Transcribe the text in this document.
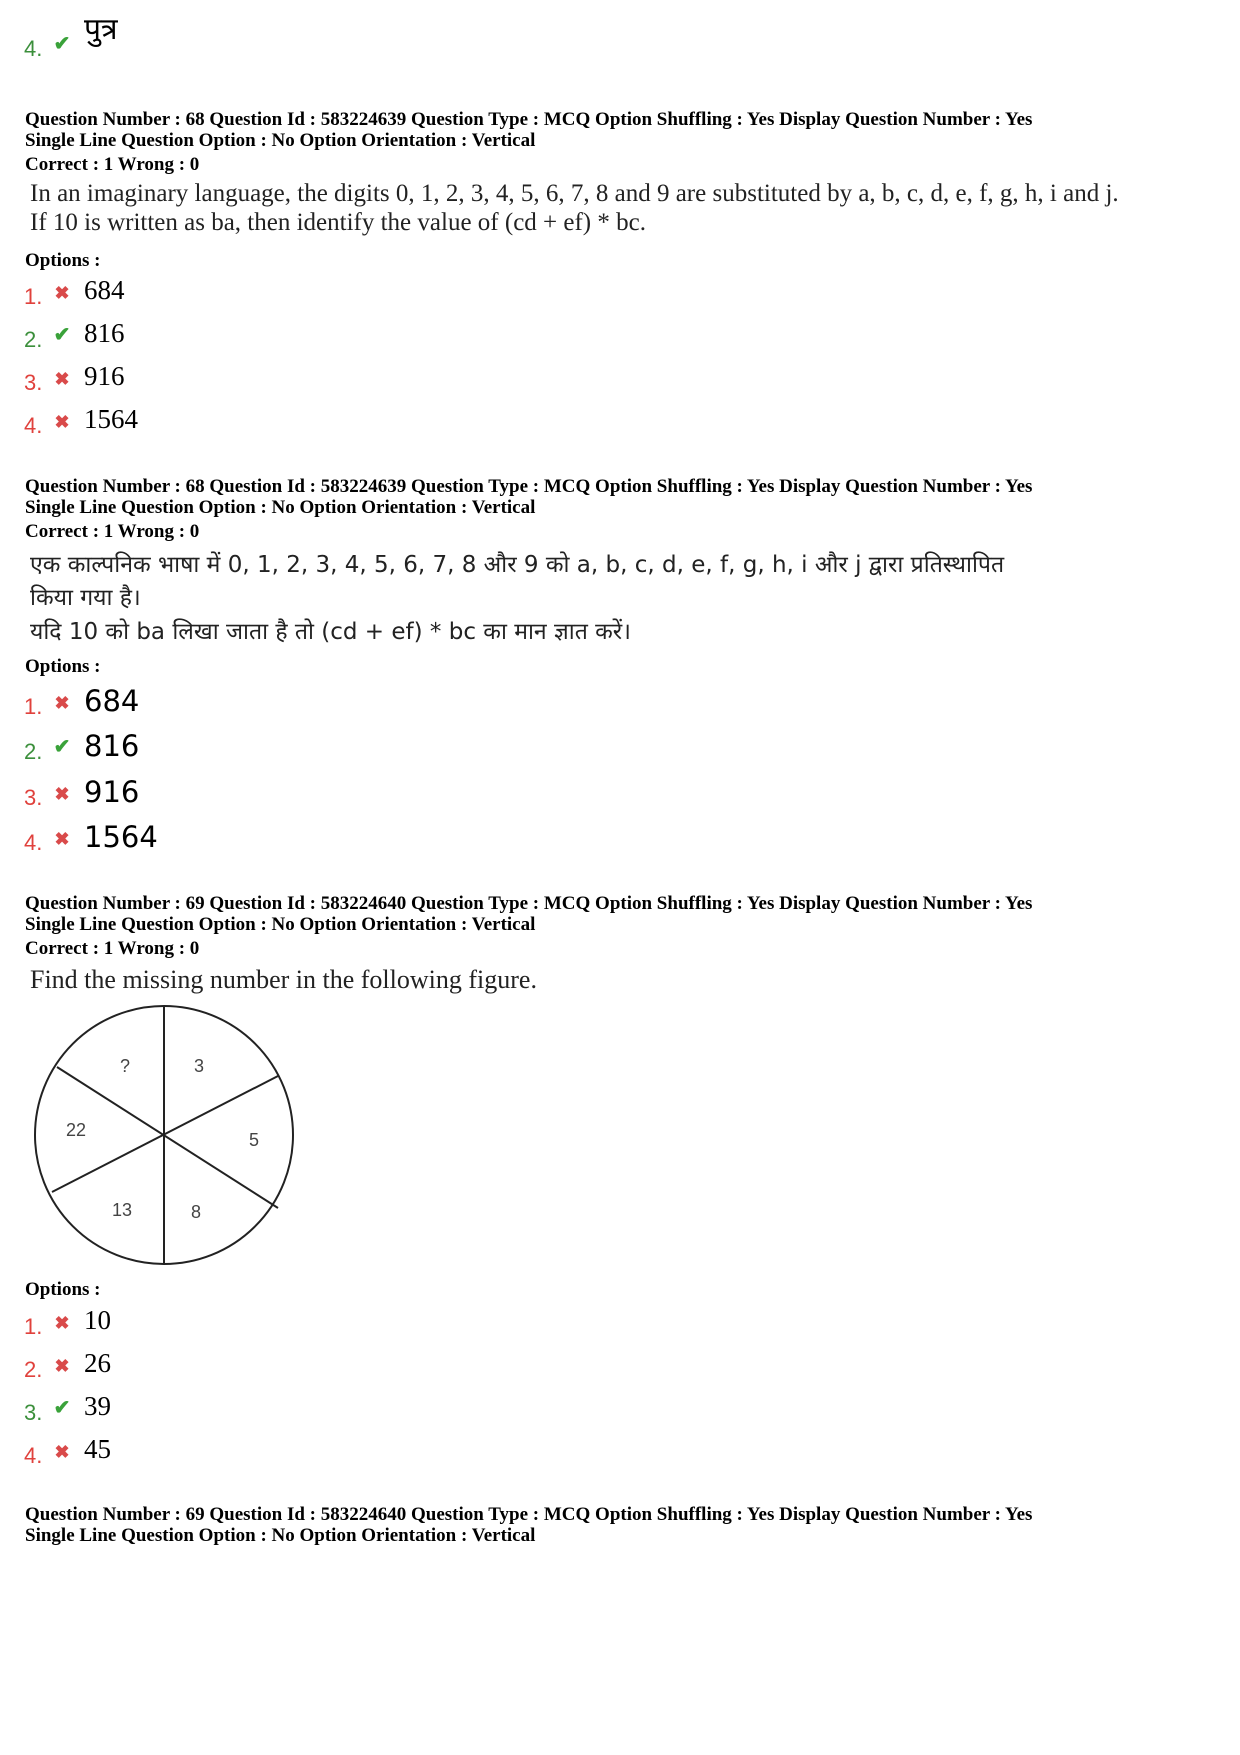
4. ✔ पुत्र
Question Number : 68 Question Id : 583224639 Question Type : MCQ Option Shuffling : Yes Display Question Number : Yes
Single Line Question Option : No Option Orientation : Vertical
Correct : 1 Wrong : 0
In an imaginary language, the digits 0, 1, 2, 3, 4, 5, 6, 7, 8 and 9 are substituted by a, b, c, d, e, f, g, h, i and j.
If 10 is written as ba, then identify the value of (cd + ef) * bc.
Options :
1. ✖ 684
2. ✔ 816
3. ✖ 916
4. ✖ 1564
Question Number : 68 Question Id : 583224639 Question Type : MCQ Option Shuffling : Yes Display Question Number : Yes
Single Line Question Option : No Option Orientation : Vertical
Correct : 1 Wrong : 0
एक काल्पनिक भाषा में 0, 1, 2, 3, 4, 5, 6, 7, 8 और 9 को a, b, c, d, e, f, g, h, i और j द्वारा प्रतिस्थापित
किया गया है।
यदि 10 को ba लिखा जाता है तो (cd + ef) * bc का मान ज्ञात करें।
Options :
1. ✖ 684
2. ✔ 816
3. ✖ 916
4. ✖ 1564
Question Number : 69 Question Id : 583224640 Question Type : MCQ Option Shuffling : Yes Display Question Number : Yes
Single Line Question Option : No Option Orientation : Vertical
Correct : 1 Wrong : 0
Find the missing number in the following figure.
?	3
5
8
13
22
Options :
1. ✖ 10
2. ✖ 26
3. ✔ 39
4. ✖ 45
Question Number : 69 Question Id : 583224640 Question Type : MCQ Option Shuffling : Yes Display Question Number : Yes
Single Line Question Option : No Option Orientation : Vertical
